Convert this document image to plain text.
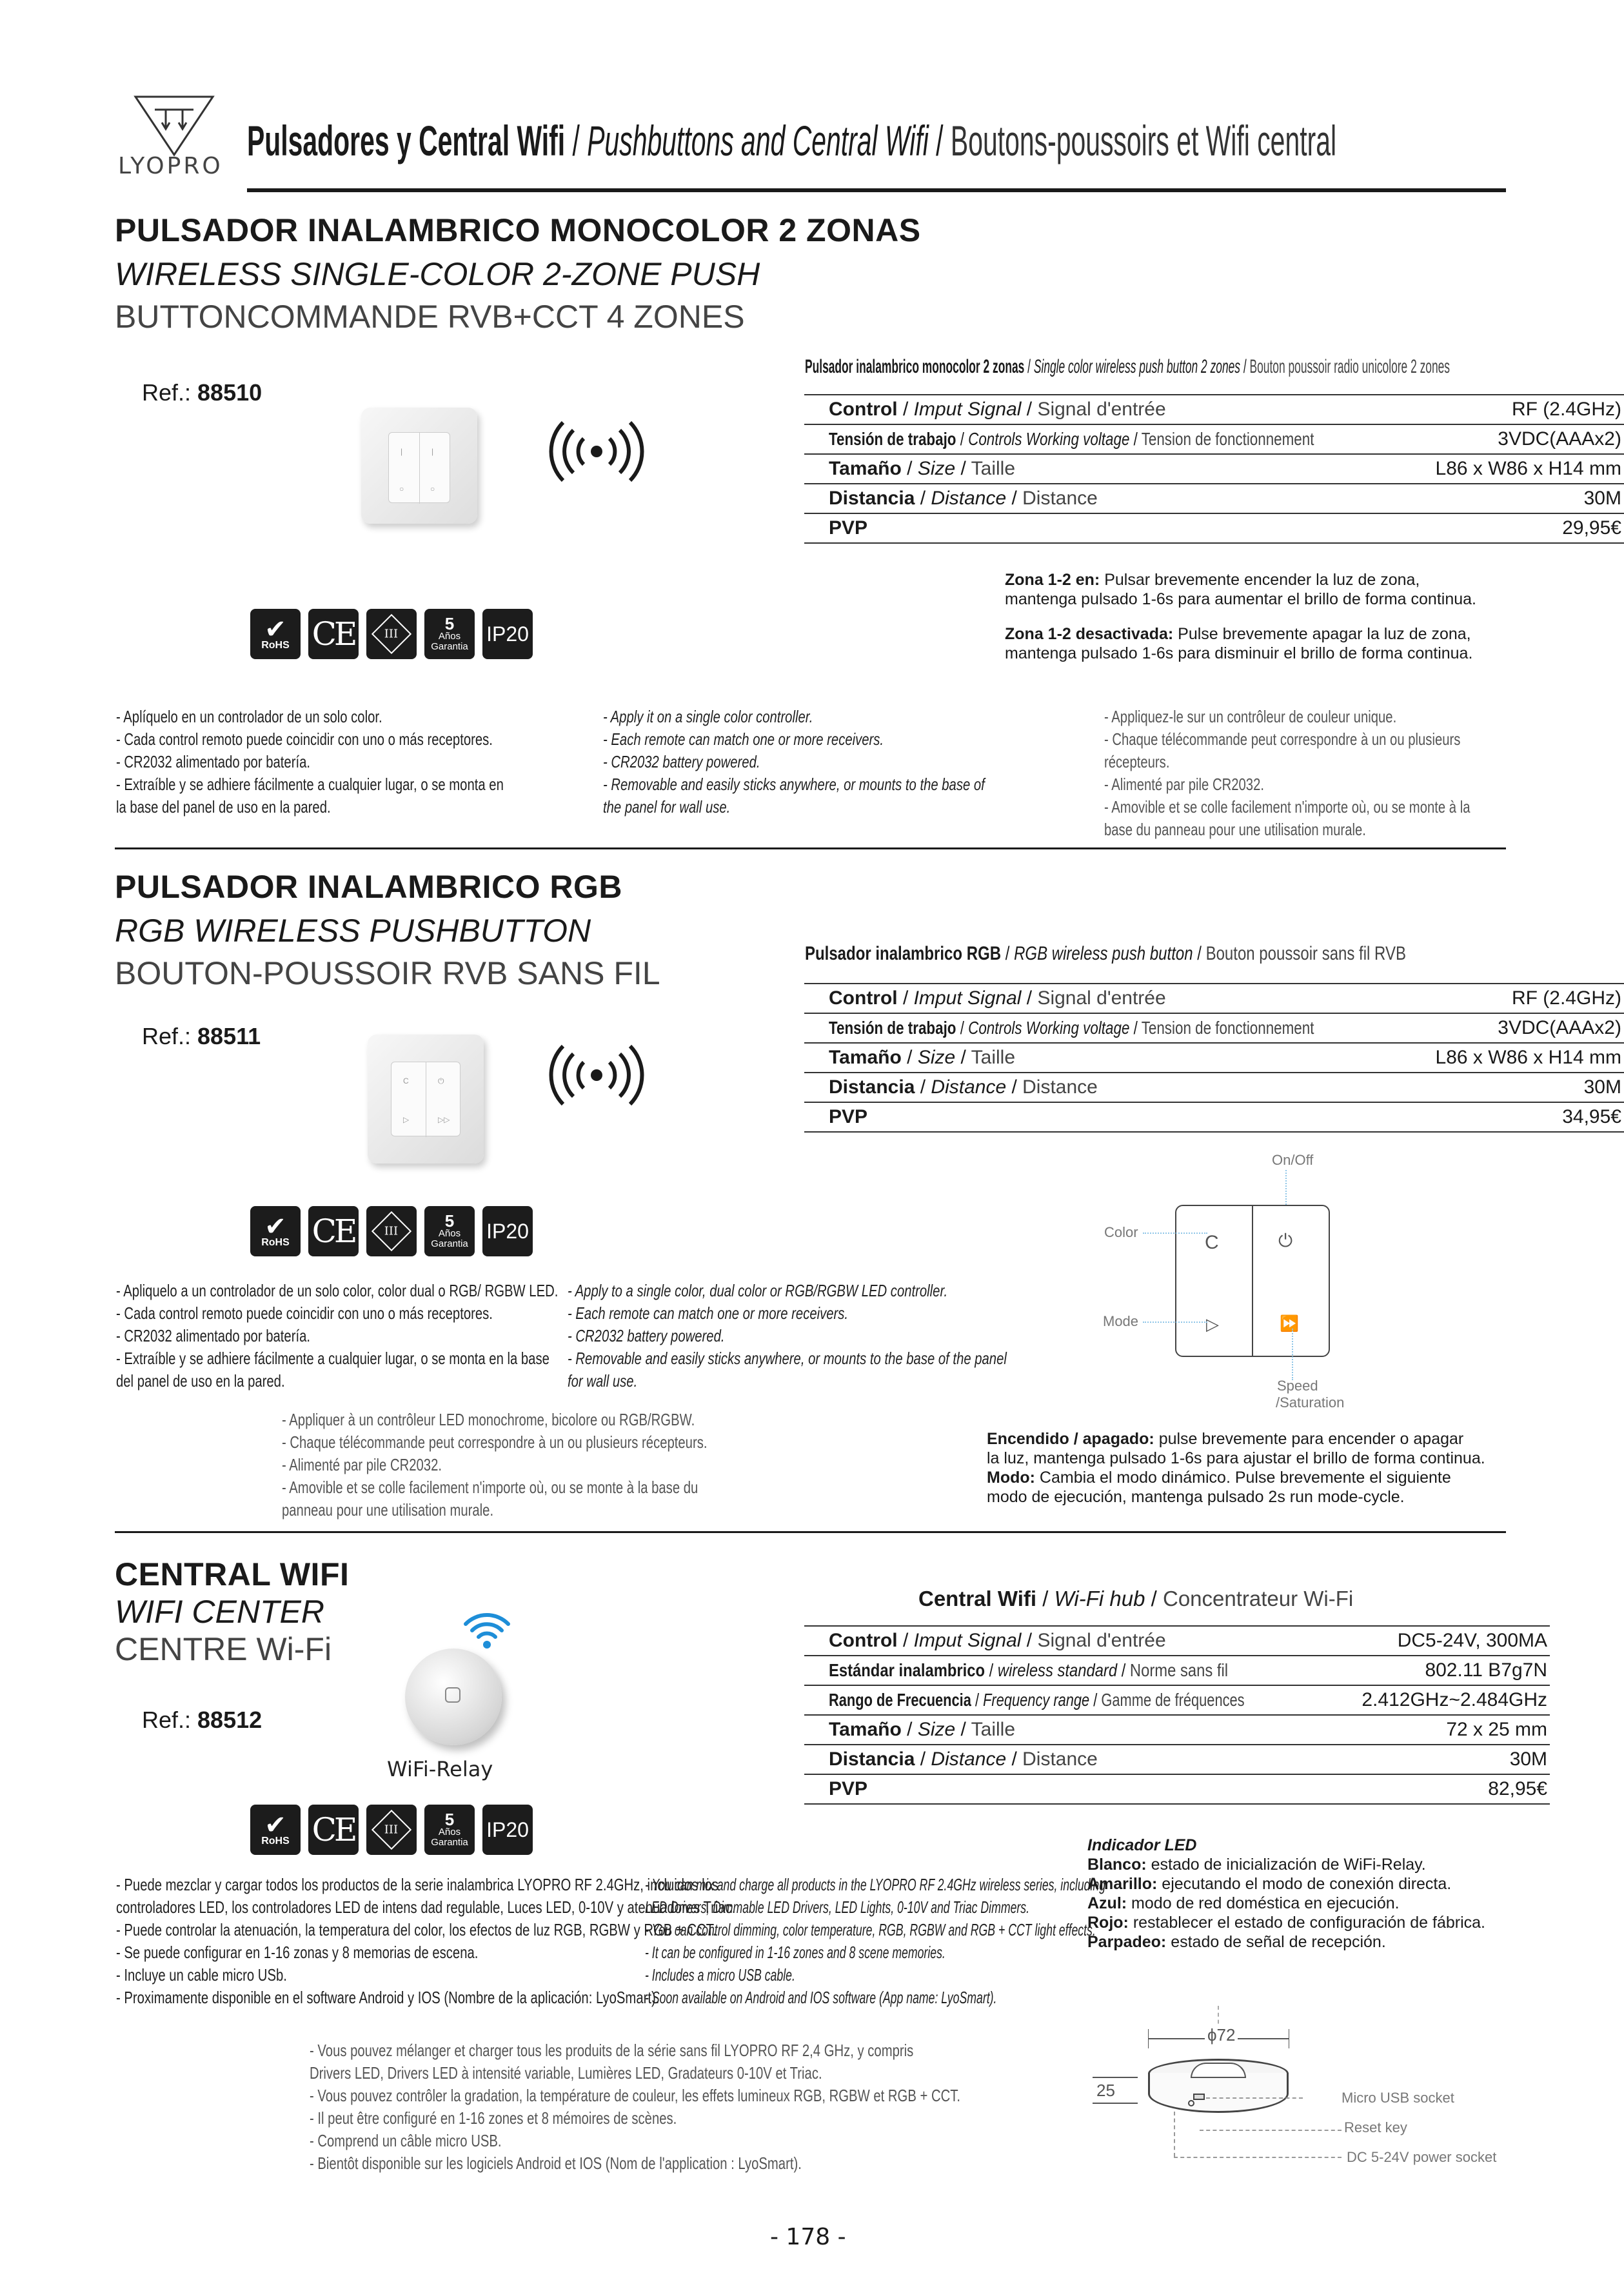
LYOPRO
Pulsadores y Central Wifi / Pushbuttons and Central Wifi / Boutons-poussoirs et Wifi central
PULSADOR INALAMBRICO MONOCOLOR 2 ZONAS
WIRELESS SINGLE-COLOR 2-ZONE PUSH
BUTTONCOMMANDE RVB+CCT 4 ZONES
Ref.: 88510
|	|
○	○
Pulsador inalambrico monocolor 2 zonas / Single color wireless push button 2 zones / Bouton poussoir radio unicolore 2 zones
Control / Imput Signal / Signal d'entrée	RF (2.4GHz)
Tensión de trabajo / Controls Working voltage / Tension de fonctionnement	3VDC(AAAx2)
Tamaño / Size / Taille	L86 x W86 x H14 mm
Distancia / Distance / Distance	30M
PVP	29,95€
Zona 1-2 en: Pulsar brevemente encender la luz de zona,
mantenga pulsado 1-6s para aumentar el brillo de forma continua.
Zona 1-2 desactivada: Pulse brevemente apagar la luz de zona,
mantenga pulsado 1-6s para disminuir el brillo de forma continua.
✔
RoHS CE	III
5
Años
Garantia
IP20
- Aplíquelo en un controlador de un solo color.
- Cada control remoto puede coincidir con uno o más receptores.
- CR2032 alimentado por batería.
- Extraíble y se adhiere fácilmente a cualquier lugar, o se monta en
la base del panel de uso en la pared.
- Apply it on a single color controller.
- Each remote can match one or more receivers.
- CR2032 battery powered.
- Removable and easily sticks anywhere, or mounts to the base of
the panel for wall use.
- Appliquez-le sur un contrôleur de couleur unique.
- Chaque télécommande peut correspondre à un ou plusieurs
récepteurs.
- Alimenté par pile CR2032.
- Amovible et se colle facilement n'importe où, ou se monte à la
base du panneau pour une utilisation murale.
PULSADOR INALAMBRICO RGB
RGB WIRELESS PUSHBUTTON
BOUTON-POUSSOIR RVB SANS FIL
Ref.: 88511
C	⏻
▷	▷▷
Pulsador inalambrico RGB / RGB wireless push button / Bouton poussoir sans fil RVB
Control / Imput Signal / Signal d'entrée	RF (2.4GHz)
Tensión de trabajo / Controls Working voltage / Tension de fonctionnement	3VDC(AAAx2)
Tamaño / Size / Taille	L86 x W86 x H14 mm
Distancia / Distance / Distance	30M
PVP	34,95€
On/Off
C	⏻
▷	⏩
Color
Mode
Speed
/Saturation
Encendido / apagado: pulse brevemente para encender o apagar
la luz, mantenga pulsado 1-6s para ajustar el brillo de forma continua.
Modo: Cambia el modo dinámico. Pulse brevemente el siguiente
modo de ejecución, mantenga pulsado 2s run mode-cycle.
✔
RoHS CE	III
5
Años
Garantia
IP20
- Apliquelo a un controlador de un solo color, color dual o RGB/ RGBW LED.
- Cada control remoto puede coincidir con uno o más receptores.
- CR2032 alimentado por batería.
- Extraíble y se adhiere fácilmente a cualquier lugar, o se monta en la base
del panel de uso en la pared.
- Apply to a single color, dual color or RGB/RGBW LED controller.
- Each remote can match one or more receivers.
- CR2032 battery powered.
- Removable and easily sticks anywhere, or mounts to the base of the panel
for wall use.
- Appliquer à un contrôleur LED monochrome, bicolore ou RGB/RGBW.
- Chaque télécommande peut correspondre à un ou plusieurs récepteurs.
- Alimenté par pile CR2032.
- Amovible et se colle facilement n'importe où, ou se monte à la base du
panneau pour une utilisation murale.
CENTRAL WIFI
WIFI CENTER
CENTRE Wi-Fi
Ref.: 88512
WiFi-Relay
Central Wifi / Wi-Fi hub / Concentrateur Wi-Fi
Control / Imput Signal / Signal d'entrée	DC5-24V, 300MA
Estándar inalambrico / wireless standard / Norme sans fil	802.11 B7g7N
Rango de Frecuencia / Frequency range / Gamme de fréquences	2.412GHz~2.484GHz
Tamaño / Size / Taille	72 x 25 mm
Distancia / Distance / Distance	30M
PVP	82,95€
✔
RoHS CE	III
5
Años
Garantia
IP20
Indicador LED
Blanco: estado de inicialización de WiFi-Relay.
Amarillo: ejecutando el modo de conexión directa.
Azul: modo de red doméstica en ejecución.
Rojo: restablecer el estado de configuración de fábrica.
Parpadeo: estado de señal de recepción.
- Puede mezclar y cargar todos los productos de la serie inalambrica LYOPRO RF 2.4GHz, incluidos los
controladores LED, los controladores LED de intens dad regulable, Luces LED, 0-10V y atenuadores Triac.
- Puede controlar la atenuación, la temperatura del color, los efectos de luz RGB, RGBW y RGB + CCT.
- Se puede configurar en 1-16 zonas y 8 memorias de escena.
- Incluye un cable micro USb.
- Proximamente disponible en el software Android y IOS (Nombre de la aplicación: LyoSmart).
- You can mix and charge all products in the LYOPRO RF 2.4GHz wireless series, including
LED Drivers, Dimmable LED Drivers, LED Lights, 0-10V and Triac Dimmers.
- You can control dimming, color temperature, RGB, RGBW and RGB + CCT light effects.
- It can be configured in 1-16 zones and 8 scene memories.
- Includes a micro USB cable.
- Soon available on Android and IOS software (App name: LyoSmart).
- Vous pouvez mélanger et charger tous les produits de la série sans fil LYOPRO RF 2,4 GHz, y compris
Drivers LED, Drivers LED à intensité variable, Lumières LED, Gradateurs 0-10V et Triac.
- Vous pouvez contrôler la gradation, la température de couleur, les effets lumineux RGB, RGBW et RGB + CCT.
- Il peut être configuré en 1-16 zones et 8 mémoires de scènes.
- Comprend un câble micro USB.
- Bientôt disponible sur les logiciels Android et IOS (Nom de l'application : LyoSmart).
ϕ72
25	Micro USB socket
Reset key
DC 5-24V power socket
- 178 -
